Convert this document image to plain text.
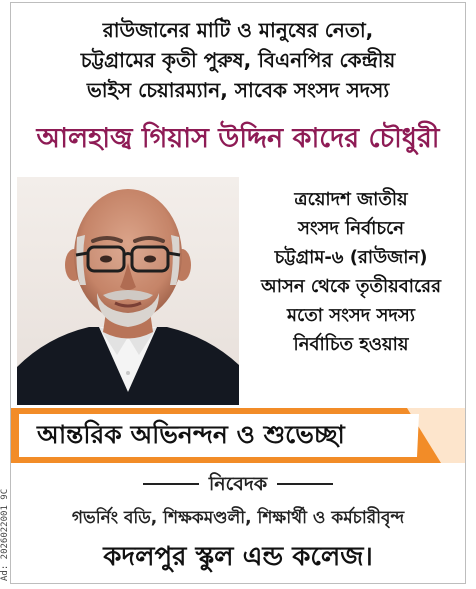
রাউজানের মাটি ও মানুষের নেতা,
চট্টগ্রামের কৃতী পুরুষ, বিএনপির কেন্দ্রীয়
ভাইস চেয়ারম্যান, সাবেক সংসদ সদস্য
আলহাজ্ব গিয়াস উদ্দিন কাদের চৌধুরী
ত্রয়োদশ জাতীয়
সংসদ নির্বাচনে
চট্টগ্রাম-৬ (রাউজান)
আসন থেকে তৃতীয়বারের
মতো সংসদ সদস্য
নির্বাচিত হওয়ায়
আন্তরিক অভিনন্দন ও শুভেচ্ছা
নিবেদক
গভর্নিং বডি, শিক্ষকমণ্ডলী, শিক্ষার্থী ও কর্মচারীবৃন্দ
কদলপুর স্কুল এন্ড কলেজ।
Ad: 2026022001 9C
